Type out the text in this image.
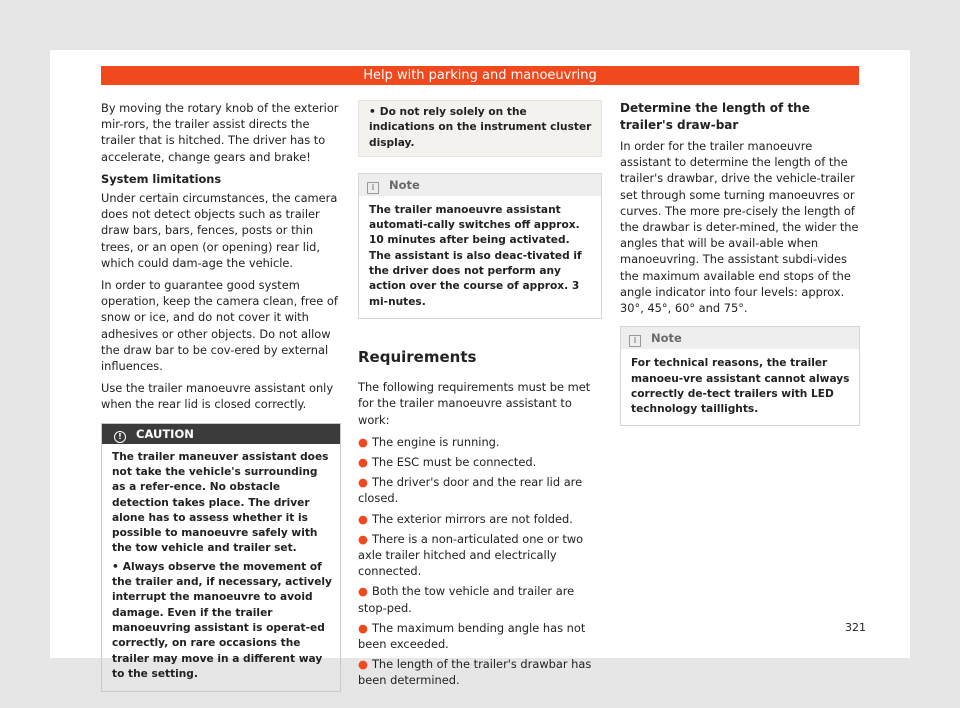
Help with parking and manoeuvring

By moving the rotary knob of the exterior mir-rors, the trailer assist directs the trailer that is hitched. The driver has to accelerate, change gears and brake!

System limitations

Under certain circumstances, the camera does not detect objects such as trailer draw bars, bars, fences, posts or thin trees, or an open (or opening) rear lid, which could dam-age the vehicle.

In order to guarantee good system operation, keep the camera clean, free of snow or ice, and do not cover it with adhesives or other objects. Do not allow the draw bar to be cov-ered by external influences.

Use the trailer manoeuvre assistant only when the rear lid is closed correctly.

! CAUTION

The trailer maneuver assistant does not take the vehicle's surrounding as a refer-ence. No obstacle detection takes place. The driver alone has to assess whether it is possible to manoeuvre safely with the tow vehicle and trailer set.

• Always observe the movement of the trailer and, if necessary, actively interrupt the manoeuvre to avoid damage. Even if the trailer manoeuvring assistant is operat-ed correctly, on rare occasions the trailer may move in a different way to the setting.

• Do not rely solely on the indications on the instrument cluster display.
i Note
The trailer manoeuvre assistant automati-cally switches off approx. 10 minutes after being activated. The assistant is also deac-tivated if the driver does not perform any action over the course of approx. 3 mi-nutes.
Requirements

The following requirements must be met for the trailer manoeuvre assistant to work:

● The engine is running.

● The ESC must be connected.

● The driver's door and the rear lid are closed.

● The exterior mirrors are not folded.

● There is a non-articulated one or two axle trailer hitched and electrically connected.

● Both the tow vehicle and trailer are stop-ped.

● The maximum bending angle has not been exceeded.

● The length of the trailer's drawbar has been determined.

Determine the length of the trailer's draw-bar

In order for the trailer manoeuvre assistant to determine the length of the trailer's drawbar, drive the vehicle-trailer set through some turning manoeuvres or curves. The more pre-cisely the length of the drawbar is deter-mined, the wider the angles that will be avail-able when manoeuvring. The assistant subdi-vides the maximum available end stops of the angle indicator into four levels: approx. 30°, 45°, 60° and 75°.

i Note
For technical reasons, the trailer manoeu-vre assistant cannot always correctly de-tect trailers with LED technology taillights.
321
